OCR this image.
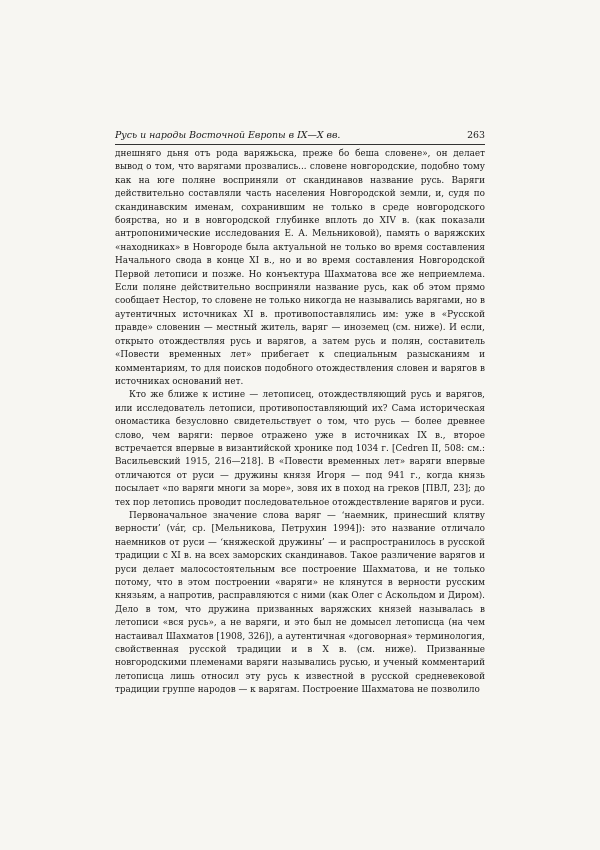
Русь и народы Восточной Европы в IX—X вв.	263

днешняго дьня отъ рода варяжьска, прежe бо беша словене», он делает вывод о том, что варягами прозвались... словене новгородские, подобно тому как на юге поляне восприняли от скандинавов название русь. Варяги действительно составляли часть населения Новгородской земли, и, судя по скандинавским именам, сохранившим не только в среде новгородского боярства, но и в новгородской глубинке вплоть до XIV в. (как показали антропонимические исследования Е. А. Мельниковой), память о варяжских «находниках» в Новгороде была актуальной не только во время составления Начального свода в конце XI в., но и во время составления Новгородской Первой летописи и позже. Но конъектура Шахматова все же неприемлема. Если поляне действительно восприняли название русь, как об этом прямо сообщает Нестор, то словене не только никогда не назывались варягами, но в аутентичных источниках XI в. противопоставлялись им: уже в «Русской правде» словенин — местный житель, варяг — иноземец (см. ниже). И если, открыто отождествляя русь и варягов, а затем русь и полян, составитель «Повести временных лет» прибегает к специальным разысканиям и комментариям, то для поисков подобного отождествления словен и варягов в источниках оснований нет.

Кто же ближе к истине — летописец, отождествляющий русь и варягов, или исследователь летописи, противопоставляющий их? Сама историческая ономастика безусловно свидетельствует о том, что русь — более древнее слово, чем варяги: первое отражено уже в источниках IX в., второе встречается впервые в византийской хронике под 1034 г. [Cedren II, 508: см.: Васильевский 1915, 216—218]. В «Повести временных лет» варяги впервые отличаются от руси — дружины князя Игоря — под 941 г., когда князь посылает «по варяги многи за море», зовя их в поход на греков [ПВЛ, 23]; до тех пор летопись проводит последовательное отождествление варягов и руси.

Первоначальное значение слова варяг — ‘наемник, принесший клятву верности’ (vár, ср. [Мельникова, Петрухин 1994]): это название отличало наемников от руси — ‘княжеской дружины’ — и распространилось в русской традиции с XI в. на всех заморских скандинавов. Такое различение варягов и руси делает малосостоятельным все построение Шахматова, и не только потому, что в этом построении «варяги» не клянутся в верности русским князьям, а напротив, расправляются с ними (как Олег с Аскольдом и Диром). Дело в том, что дружина призванных варяжских князей называлась в летописи «вся русь», а не варяги, и это был не домысел летописца (на чем настаивал Шахматов [1908, 326]), а аутентичная «договорная» терминология, свойственная русской традиции и в X в. (см. ниже). Призванные новгородскими племенами варяги назывались русью, и ученый комментарий летописца лишь относил эту русь к известной в русской средневековой традиции группе народов — к варягам. Построение Шахматова не позволило
